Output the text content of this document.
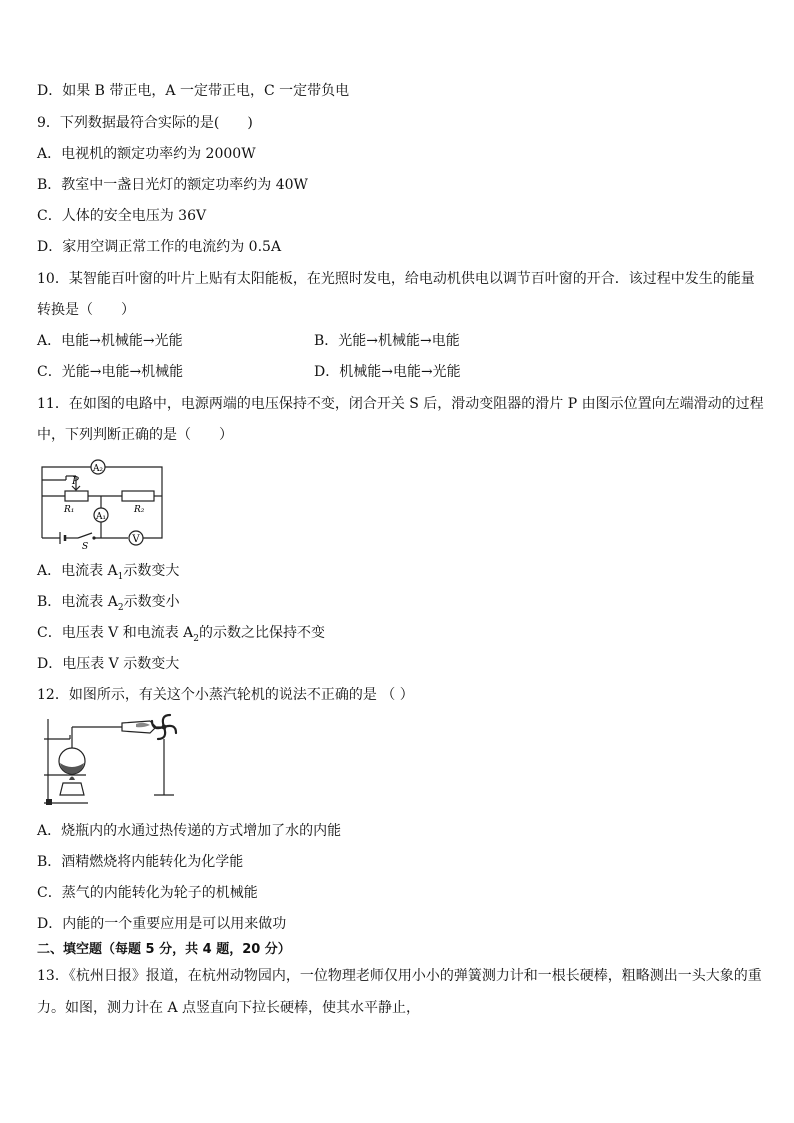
D．如果 B 带正电，A 一定带正电，C 一定带负电
9．下列数据最符合实际的是(　　)
A．电视机的额定功率约为 2000W
B．教室中一盏日光灯的额定功率约为 40W
C．人体的安全电压为 36V
D．家用空调正常工作的电流约为 0.5A
10．某智能百叶窗的叶片上贴有太阳能板，在光照时发电，给电动机供电以调节百叶窗的开合．该过程中发生的能量
转换是（　　）
A．电能→机械能→光能	B．光能→机械能→电能
C．光能→电能→机械能	D．机械能→电能→光能
11．在如图的电路中，电源两端的电压保持不变，闭合开关 S 后，滑动变阻器的滑片 P 由图示位置向左端滑动的过程
中，下列判断正确的是（　　）
A₂
A₁
V
P
R₁	R₂
S
A．电流表 $A_1$示数变大
B．电流表 $A_2$示数变小
C．电压表 V 和电流表 $A_2$的示数之比保持不变
D．电压表 V 示数变大
12．如图所示，有关这个小蒸汽轮机的说法不正确的是 （ ）
A．烧瓶内的水通过热传递的方式增加了水的内能
B．酒精燃烧将内能转化为化学能
C．蒸气的内能转化为轮子的机械能
D．内能的一个重要应用是可以用来做功
二、填空题（每题 5 分，共 4 题，20 分）
13．《杭州日报》报道，在杭州动物园内，一位物理老师仅用小小的弹簧测力计和一根长硬棒，粗略测出一头大象的重
力。如图，测力计在 A 点竖直向下拉长硬棒，使其水平静止，
